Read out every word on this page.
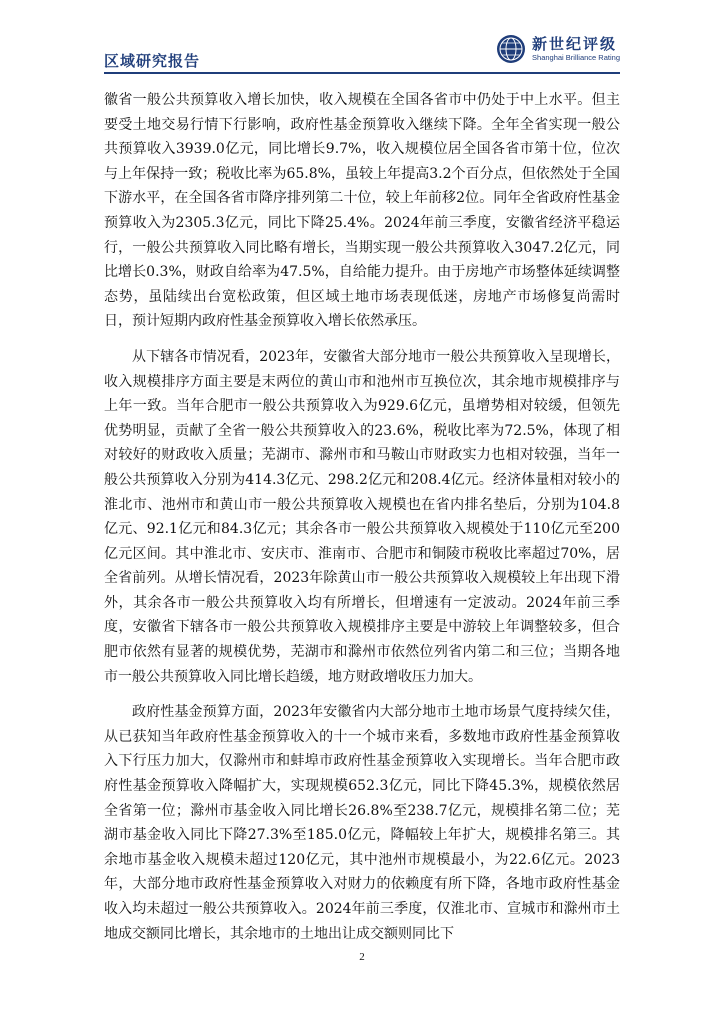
区域研究报告
新世纪评级
Shanghai Brilliance Rating

徽省一般公共预算收入增长加快，收入规模在全国各省市中仍处于中上水平。但主要受土地交易行情下行影响，政府性基金预算收入继续下降。全年全省实现一般公共预算收入3939.0亿元，同比增长9.7%，收入规模位居全国各省市第十位，位次与上年保持一致；税收比率为65.8%，虽较上年提高3.2个百分点，但依然处于全国下游水平，在全国各省市降序排列第二十位，较上年前移2位。同年全省政府性基金预算收入为2305.3亿元，同比下降25.4%。2024年前三季度，安徽省经济平稳运行，一般公共预算收入同比略有增长，当期实现一般公共预算收入3047.2亿元，同比增长0.3%，财政自给率为47.5%，自给能力提升。由于房地产市场整体延续调整态势，虽陆续出台宽松政策，但区域土地市场表现低迷，房地产市场修复尚需时日，预计短期内政府性基金预算收入增长依然承压。

从下辖各市情况看，2023年，安徽省大部分地市一般公共预算收入呈现增长，收入规模排序方面主要是末两位的黄山市和池州市互换位次，其余地市规模排序与上年一致。当年合肥市一般公共预算收入为929.6亿元，虽增势相对较缓，但领先优势明显，贡献了全省一般公共预算收入的23.6%，税收比率为72.5%，体现了相对较好的财政收入质量；芜湖市、滁州市和马鞍山市财政实力也相对较强，当年一般公共预算收入分别为414.3亿元、298.2亿元和208.4亿元。经济体量相对较小的淮北市、池州市和黄山市一般公共预算收入规模也在省内排名垫后，分别为104.8亿元、92.1亿元和84.3亿元；其余各市一般公共预算收入规模处于110亿元至200亿元区间。其中淮北市、安庆市、淮南市、合肥市和铜陵市税收比率超过70%，居全省前列。从增长情况看，2023年除黄山市一般公共预算收入规模较上年出现下滑外，其余各市一般公共预算收入均有所增长，但增速有一定波动。2024年前三季度，安徽省下辖各市一般公共预算收入规模排序主要是中游较上年调整较多，但合肥市依然有显著的规模优势，芜湖市和滁州市依然位列省内第二和三位；当期各地市一般公共预算收入同比增长趋缓，地方财政增收压力加大。

政府性基金预算方面，2023年安徽省内大部分地市土地市场景气度持续欠佳，从已获知当年政府性基金预算收入的十一个城市来看，多数地市政府性基金预算收入下行压力加大，仅滁州市和蚌埠市政府性基金预算收入实现增长。当年合肥市政府性基金预算收入降幅扩大，实现规模652.3亿元，同比下降45.3%，规模依然居全省第一位；滁州市基金收入同比增长26.8%至238.7亿元，规模排名第二位；芜湖市基金收入同比下降27.3%至185.0亿元，降幅较上年扩大，规模排名第三。其余地市基金收入规模未超过120亿元，其中池州市规模最小，为22.6亿元。2023年，大部分地市政府性基金预算收入对财力的依赖度有所下降，各地市政府性基金收入均未超过一般公共预算收入。2024年前三季度，仅淮北市、宣城市和滁州市土地成交额同比增长，其余地市的土地出让成交额则同比下

2
